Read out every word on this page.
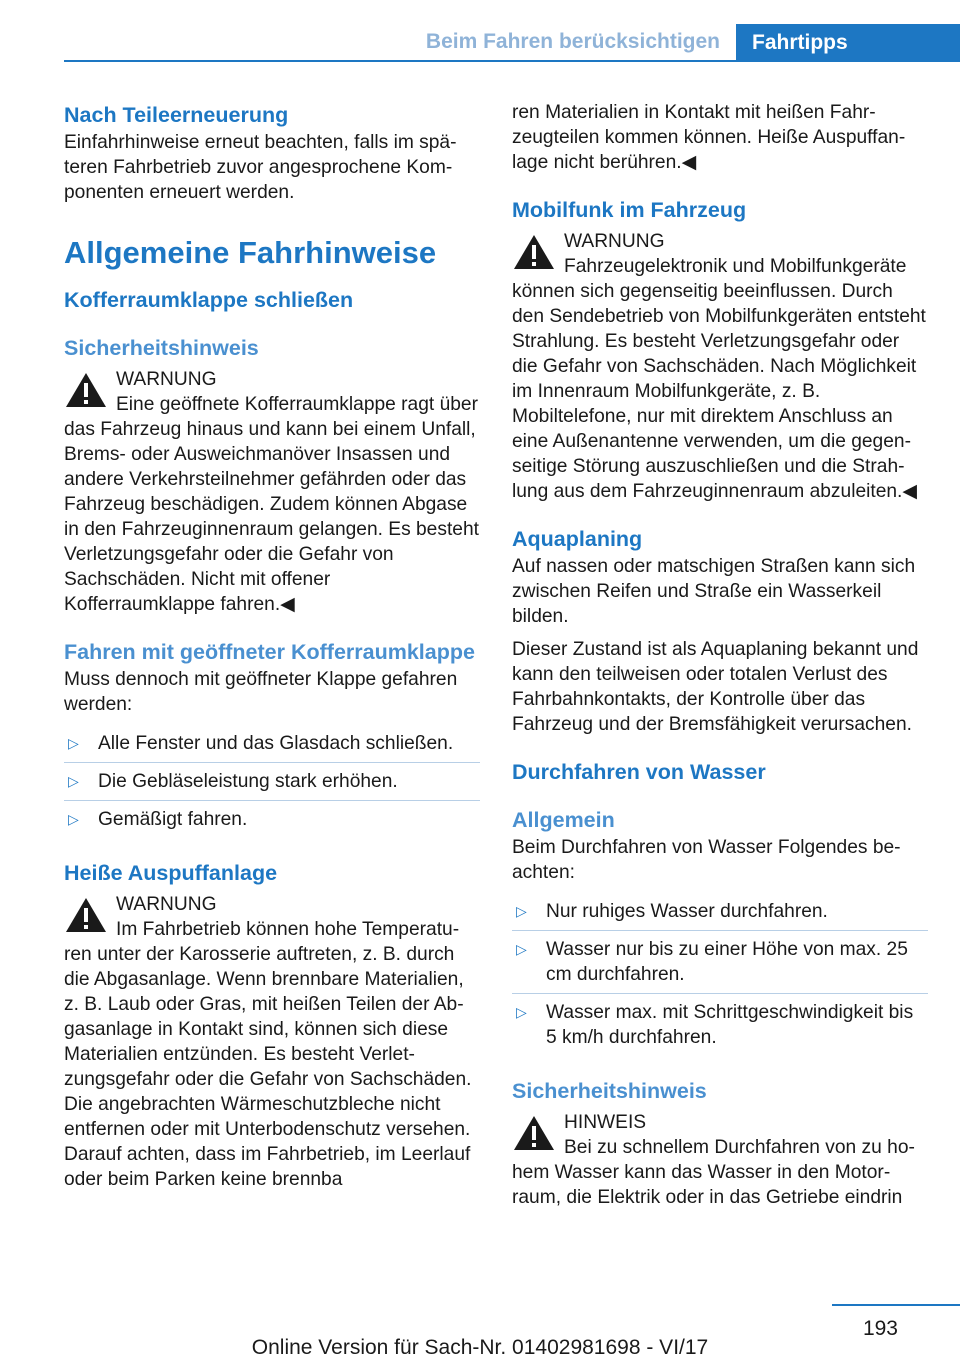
Beim Fahren berücksichtigen	Fahrtipps
Nach Teileerneuerung

Einfahrhinweise erneut beachten, falls im späteren Fahrbetrieb zuvor angesprochene Komponenten erneuert werden.

Allgemeine Fahrhinweise
Kofferraumklappe schließen
Sicherheitshinweis
WARNUNG
Eine geöffnete Kofferraumklappe ragt über das Fahrzeug hinaus und kann bei einem Unfall, Brems- oder Ausweichmanöver Insassen und andere Verkehrsteilnehmer gefährden oder das Fahrzeug beschädigen. Zudem können Abgase in den Fahrzeuginnenraum gelangen. Es besteht Verletzungsgefahr oder die Gefahr von Sachschäden. Nicht mit offener Kofferraumklappe fahren.◀
Fahren mit geöffneter Kofferraumklappe

Muss dennoch mit geöffneter Klappe gefahren werden:

▷ Alle Fenster und das Glasdach schließen.
▷ Die Gebläseleistung stark erhöhen.
▷ Gemäßigt fahren.
Heiße Auspuffanlage
WARNUNG
Im Fahrbetrieb können hohe Temperaturen unter der Karosserie auftreten, z. B. durch die Abgasanlage. Wenn brennbare Materialien, z. B. Laub oder Gras, mit heißen Teilen der Abgasanlage in Kontakt sind, können sich diese Materialien entzünden. Es besteht Verletzungsgefahr oder die Gefahr von Sachschäden. Die angebrachten Wärmeschutzbleche nicht entfernen oder mit Unterbodenschutz versehen. Darauf achten, dass im Fahrbetrieb, im Leerlauf oder beim Parken keine brennba

ren Materialien in Kontakt mit heißen Fahrzeugteilen kommen können. Heiße Auspuffanlage nicht berühren.◀

Mobilfunk im Fahrzeug
WARNUNG
Fahrzeugelektronik und Mobilfunkgeräte können sich gegenseitig beeinflussen. Durch den Sendebetrieb von Mobilfunkgeräten entsteht Strahlung. Es besteht Verletzungsgefahr oder die Gefahr von Sachschäden. Nach Möglichkeit im Innenraum Mobilfunkgeräte, z. B. Mobiltelefone, nur mit direktem Anschluss an eine Außenantenne verwenden, um die gegenseitige Störung auszuschließen und die Strahlung aus dem Fahrzeuginnenraum abzuleiten.◀
Aquaplaning

Auf nassen oder matschigen Straßen kann sich zwischen Reifen und Straße ein Wasserkeil bilden.

Dieser Zustand ist als Aquaplaning bekannt und kann den teilweisen oder totalen Verlust des Fahrbahnkontakts, der Kontrolle über das Fahrzeug und der Bremsfähigkeit verursachen.

Durchfahren von Wasser
Allgemein

Beim Durchfahren von Wasser Folgendes beachten:

▷ Nur ruhiges Wasser durchfahren.
▷ Wasser nur bis zu einer Höhe von max. 25 cm durchfahren.
▷ Wasser max. mit Schrittgeschwindigkeit bis 5 km/h durchfahren.
Sicherheitshinweis
HINWEIS
Bei zu schnellem Durchfahren von zu hohem Wasser kann das Wasser in den Motorraum, die Elektrik oder in das Getriebe eindrin
193
Online Version für Sach-Nr. 01402981698 - VI/17
